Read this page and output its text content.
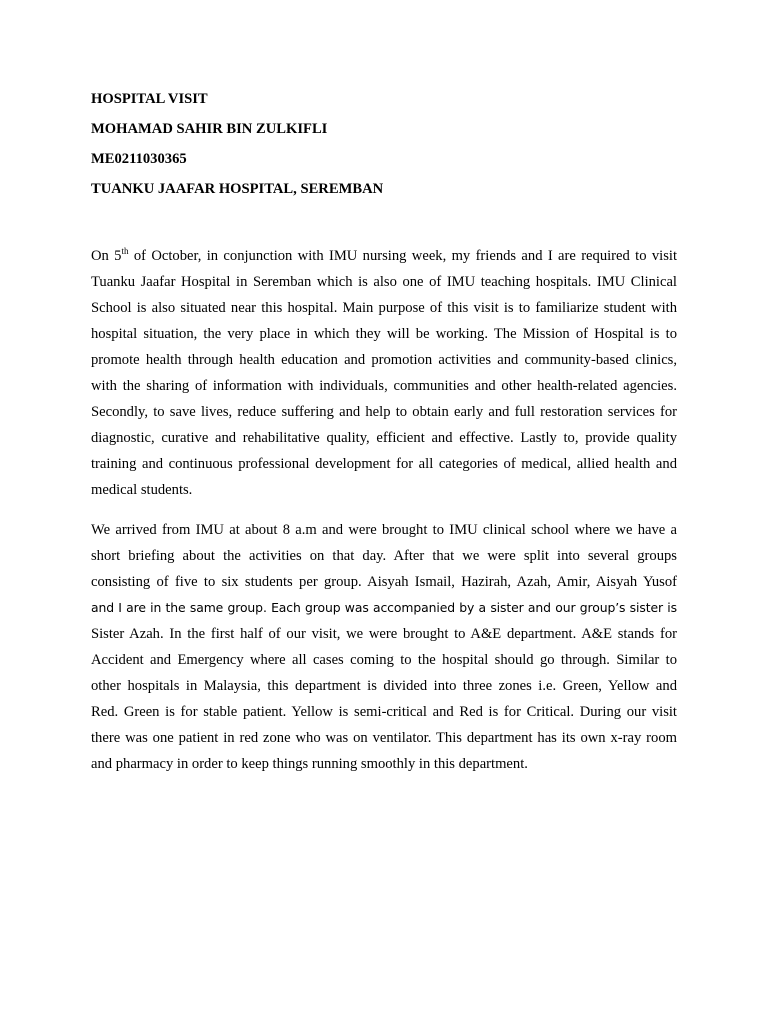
HOSPITAL VISIT
MOHAMAD SAHIR BIN ZULKIFLI
ME0211030365
TUANKU JAAFAR HOSPITAL, SEREMBAN
On 5th of October, in conjunction with IMU nursing week, my friends and I are required to visit
Tuanku Jaafar Hospital in Seremban which is also one of IMU teaching hospitals. IMU Clinical
School is also situated near this hospital. Main purpose of this visit is to familiarize student with
hospital situation, the very place in which they will be working. The Mission of Hospital is to
promote health through health education and promotion activities and community-based clinics,
with the sharing of information with individuals, communities and other health-related agencies.
Secondly, to save lives, reduce suffering and help to obtain early and full restoration services for
diagnostic, curative and rehabilitative quality, efficient and effective. Lastly to, provide quality
training and continuous professional development for all categories of medical, allied health and
medical students.
We arrived from IMU at about 8 a.m and were brought to IMU clinical school where we have a
short briefing about the activities on that day. After that we were split into several groups
consisting of five to six students per group. Aisyah Ismail, Hazirah, Azah, Amir, Aisyah Yusof
and I are in the same group. Each group was accompanied by a sister and our group’s sister is
Sister Azah. In the first half of our visit, we were brought to A&E department. A&E stands for
Accident and Emergency where all cases coming to the hospital should go through. Similar to
other hospitals in Malaysia, this department is divided into three zones i.e. Green, Yellow and
Red. Green is for stable patient. Yellow is semi-critical and Red is for Critical. During our visit
there was one patient in red zone who was on ventilator. This department has its own x-ray room
and pharmacy in order to keep things running smoothly in this department.
